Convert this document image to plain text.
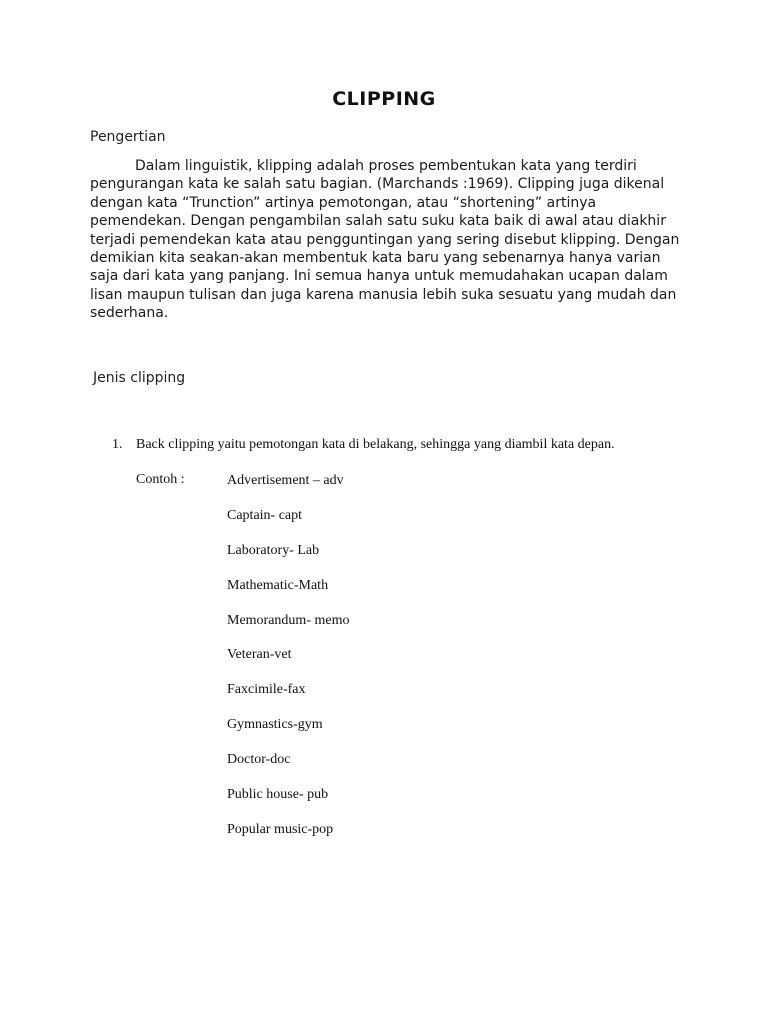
CLIPPING
Pengertian
Dalam linguistik, klipping adalah proses pembentukan kata yang terdiri
pengurangan kata ke salah satu bagian. (Marchands :1969). Clipping juga dikenal
dengan kata “Trunction” artinya pemotongan, atau “shortening” artinya
pemendekan. Dengan pengambilan salah satu suku kata baik di awal atau diakhir
terjadi pemendekan kata atau pengguntingan yang sering disebut klipping. Dengan
demikian kita seakan-akan membentuk kata baru yang sebenarnya hanya varian
saja dari kata yang panjang. Ini semua hanya untuk memudahakan ucapan dalam
lisan maupun tulisan dan juga karena manusia lebih suka sesuatu yang mudah dan
sederhana.
Jenis clipping
1. Back clipping yaitu pemotongan kata di belakang, sehingga yang diambil kata depan.
Contoh :	Advertisement – adv
Captain- capt
Laboratory- Lab
Mathematic-Math
Memorandum- memo
Veteran-vet
Faxcimile-fax
Gymnastics-gym
Doctor-doc
Public house- pub
Popular music-pop
